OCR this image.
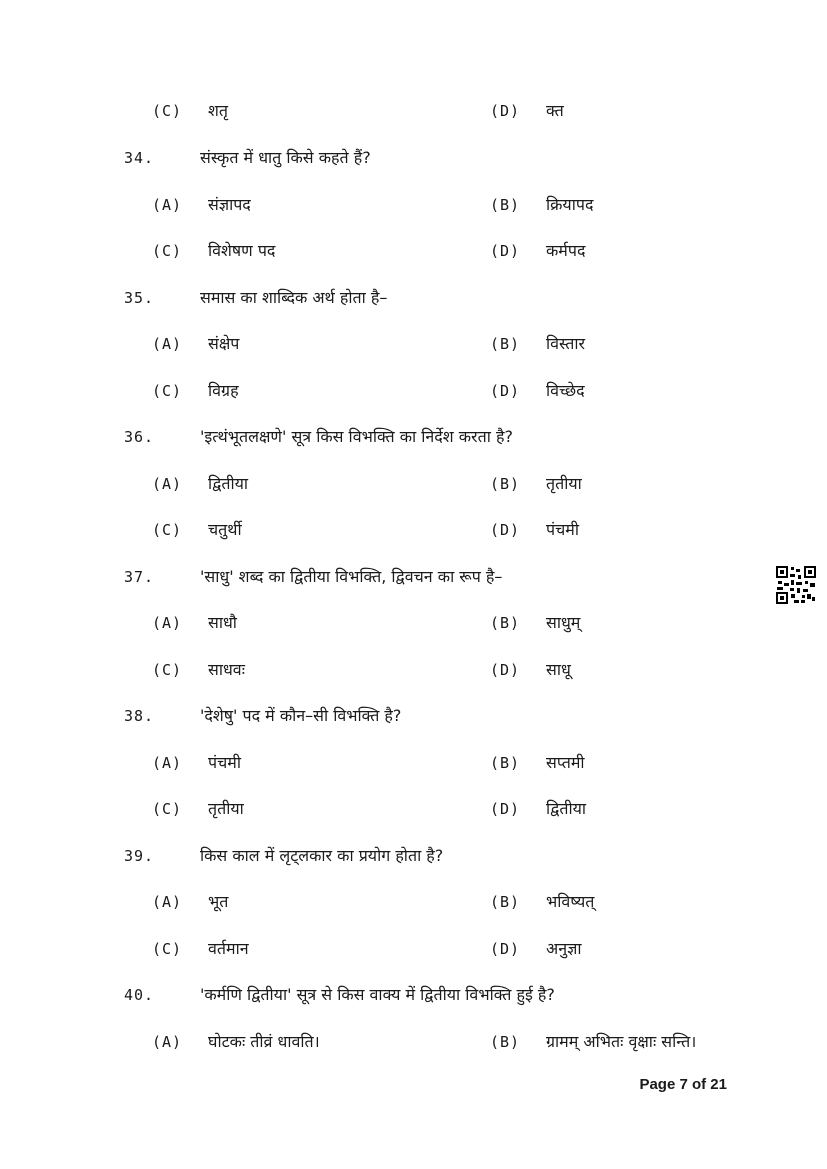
(C) शतृ	(D) क्त
34.	संस्कृत में धातु किसे कहते हैं?
(A) संज्ञापद	(B) क्रियापद
(C) विशेषण पद	(D) कर्मपद
35.	समास का शाब्दिक अर्थ होता है–
(A) संक्षेप	(B) विस्तार
(C) विग्रह	(D) विच्छेद
36.	'इत्थंभूतलक्षणे' सूत्र किस विभक्ति का निर्देश करता है?
(A) द्वितीया	(B) तृतीया
(C) चतुर्थी	(D) पंचमी
37.	'साधु' शब्द का द्वितीया विभक्ति, द्विवचन का रूप है–
(A) साधौ	(B) साधुम्
(C) साधवः	(D) साधू
38.	'देशेषु' पद में कौन–सी विभक्ति है?
(A) पंचमी	(B) सप्तमी
(C) तृतीया	(D) द्वितीया
39.	किस काल में लृट्लकार का प्रयोग होता है?
(A) भूत	(B) भविष्यत्
(C) वर्तमान	(D) अनुज्ञा
40.	'कर्मणि द्वितीया' सूत्र से किस वाक्य में द्वितीया विभक्ति हुई है?
(A) घोटकः तीव्रं धावति।	(B) ग्रामम् अभितः वृक्षाः सन्ति।
Page 7 of 21
